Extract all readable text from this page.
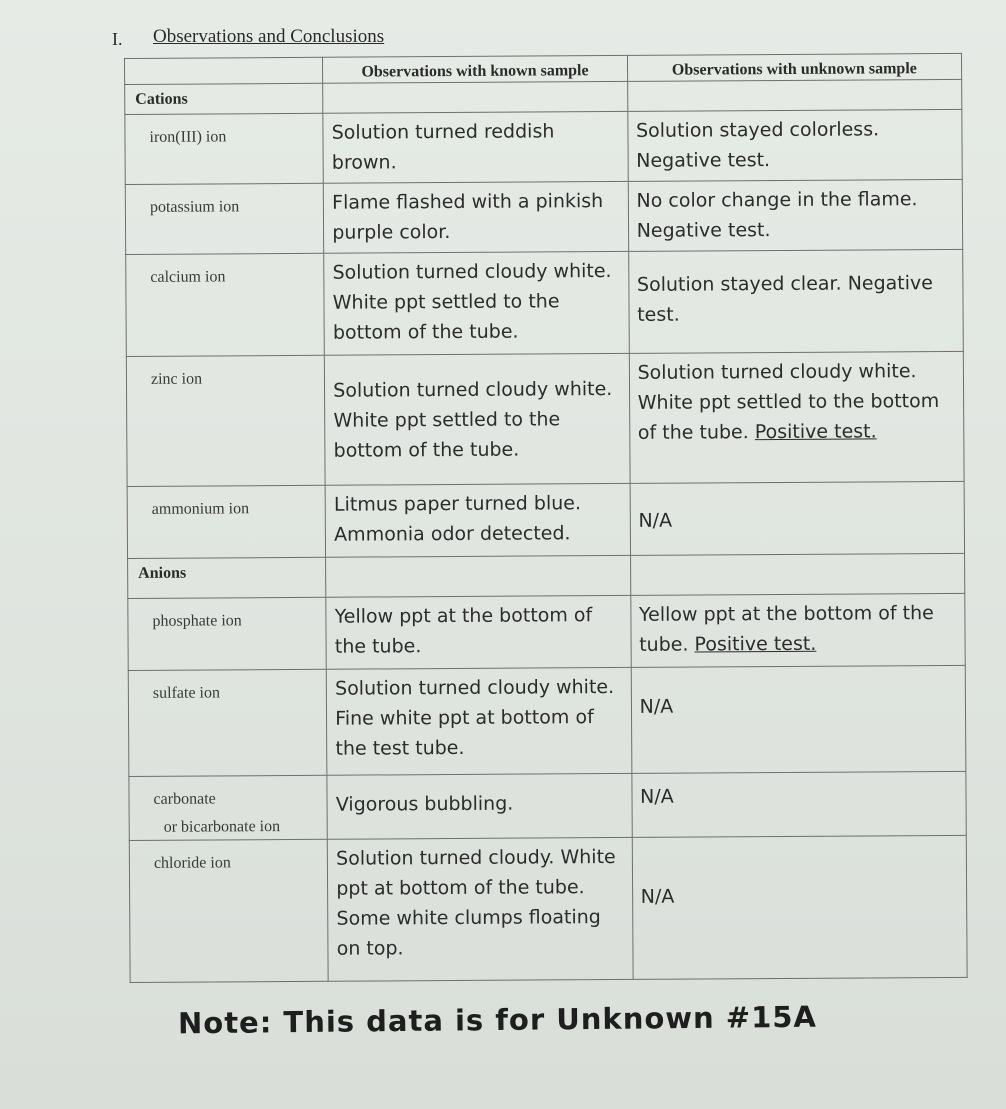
I. Observations and Conclusions
	Observations with known sample	Observations with unknown sample
Cations		
iron(III) ion	Solution turned reddish brown.	Solution stayed colorless. Negative test.
potassium ion	Flame flashed with a pinkish purple color.	No color change in the flame. Negative test.
calcium ion	Solution turned cloudy white. White ppt settled to the bottom of the tube.	Solution stayed clear. Negative test.
zinc ion	Solution turned cloudy white. White ppt settled to the bottom of the tube.	Solution turned cloudy white. White ppt settled to the bottom of the tube. Positive test.
ammonium ion	Litmus paper turned blue. Ammonia odor detected.	N/A
Anions		
phosphate ion	Yellow ppt at the bottom of the tube.	Yellow ppt at the bottom of the tube. Positive test.
sulfate ion	Solution turned cloudy white. Fine white ppt at bottom of the test tube.	N/A
carbonate
or bicarbonate ion	Vigorous bubbling.	N/A
chloride ion	Solution turned cloudy. White ppt at bottom of the tube. Some white clumps floating on top.	N/A
Note: This data is for Unknown #15A
